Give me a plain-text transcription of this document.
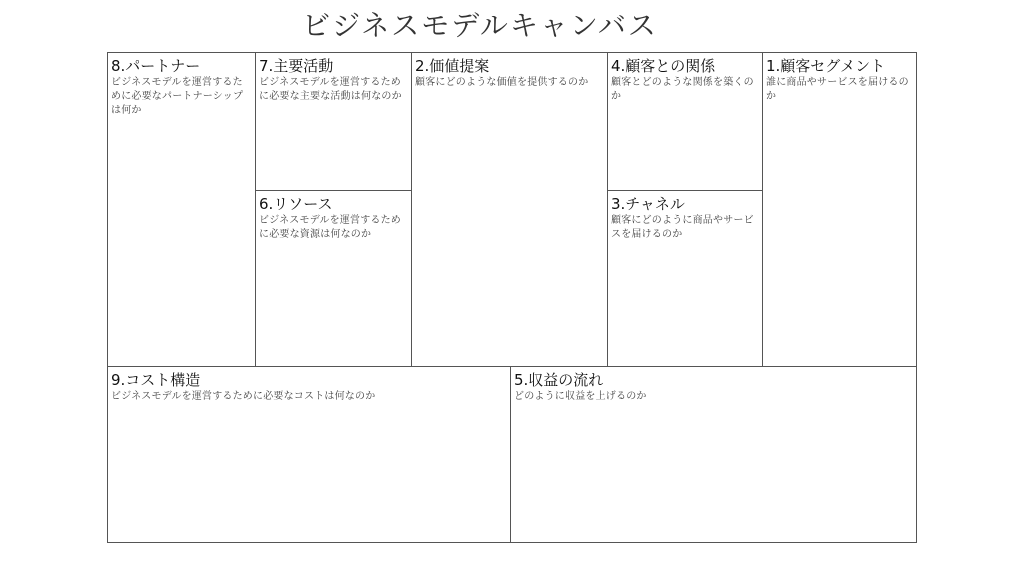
ビジネスモデルキャンバス
8.パートナー

ビジネスモデルを運営するために必要なパートナーシップは何か

7.主要活動

ビジネスモデルを運営するために必要な主要な活動は何なのか

6.リソース

ビジネスモデルを運営するために必要な資源は何なのか

2.価値提案

顧客にどのような価値を提供するのか

4.顧客との関係

顧客とどのような関係を築くのか

3.チャネル

顧客にどのように商品やサービスを届けるのか

1.顧客セグメント

誰に商品やサービスを届けるのか

9.コスト構造

ビジネスモデルを運営するために必要なコストは何なのか

5.収益の流れ

どのように収益を上げるのか
